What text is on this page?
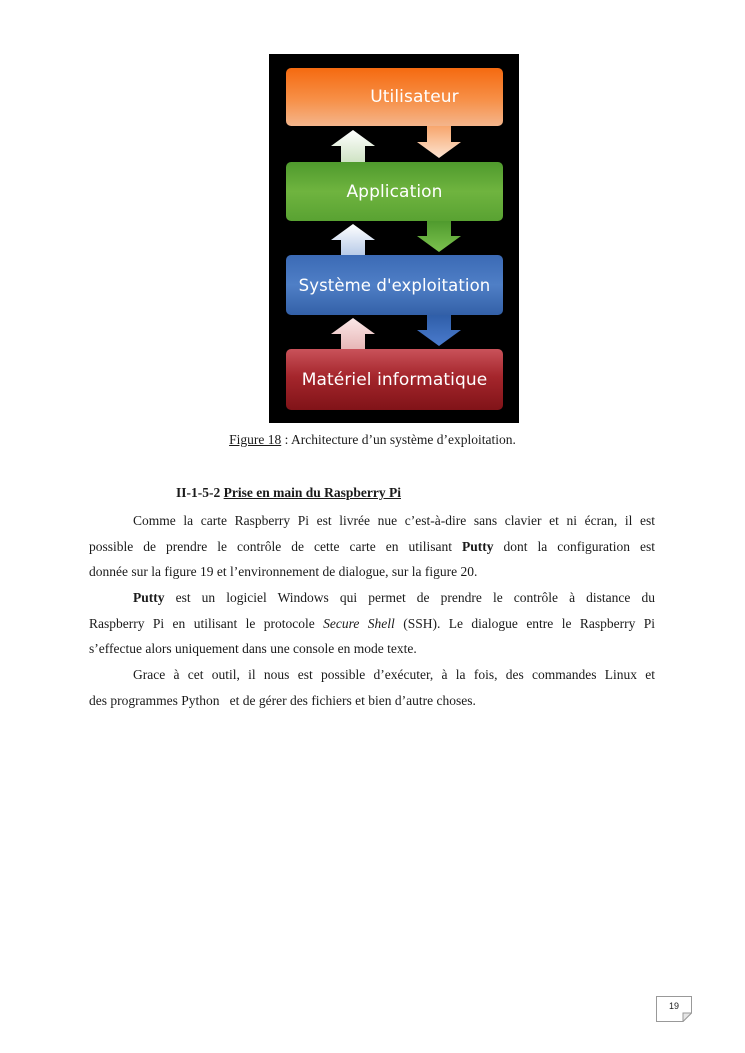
Utilisateur
Application
Système d'exploitation
Matériel informatique
Figure 18 : Architecture d’un système d’exploitation.
II-1-5-2 Prise en main du Raspberry Pi
Comme la carte Raspberry Pi est livrée nue c’est-à-dire sans clavier et ni écran, il est
possible de prendre le contrôle de cette carte en utilisant Putty dont la configuration est
donnée sur la figure 19 et l’environnement de dialogue, sur la figure 20.
Putty est un logiciel Windows qui permet de prendre le contrôle à distance du
Raspberry Pi en utilisant le protocole Secure Shell (SSH). Le dialogue entre le Raspberry Pi
s’effectue alors uniquement dans une console en mode texte.
Grace à cet outil, il nous est possible d’exécuter, à la fois, des commandes Linux et
des programmes Python   et de gérer des fichiers et bien d’autre choses.
19
